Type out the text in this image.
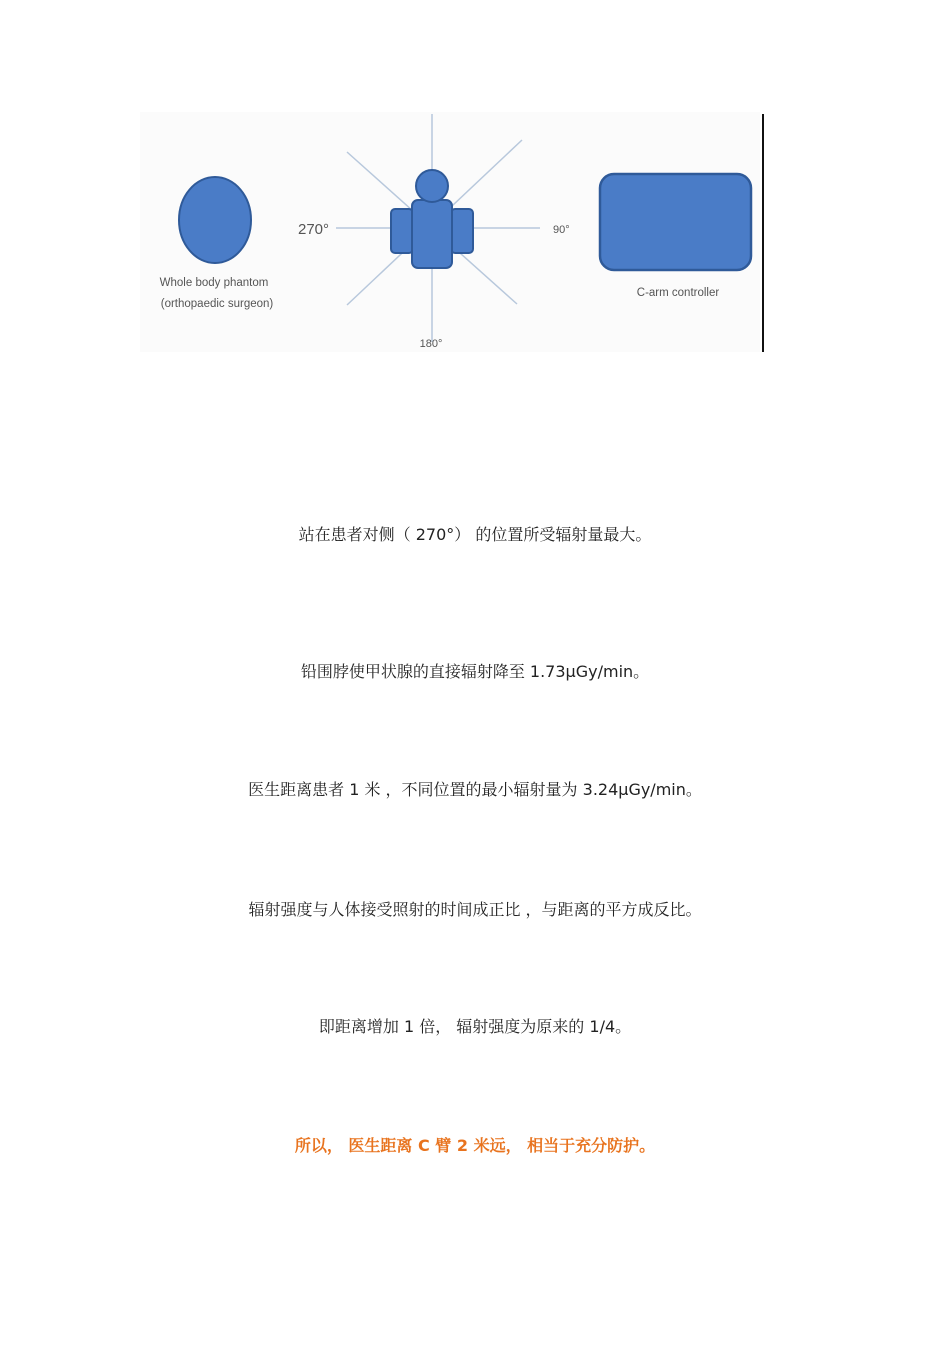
Whole body phantom
(orthopaedic surgeon)
270°	90°
180°
C-arm controller
站在患者对侧（ 270°） 的位置所受辐射量最大。
铅围脖使甲状腺的直接辐射降至 1.73μGy/min。
医生距离患者 1 米 ，不同位置的最小辐射量为 3.24μGy/min。
辐射强度与人体接受照射的时间成正比 ，与距离的平方成反比。
即距离增加 1 倍， 辐射强度为原来的 1/4。
所以， 医生距离 C 臂 2 米远， 相当于充分防护。
